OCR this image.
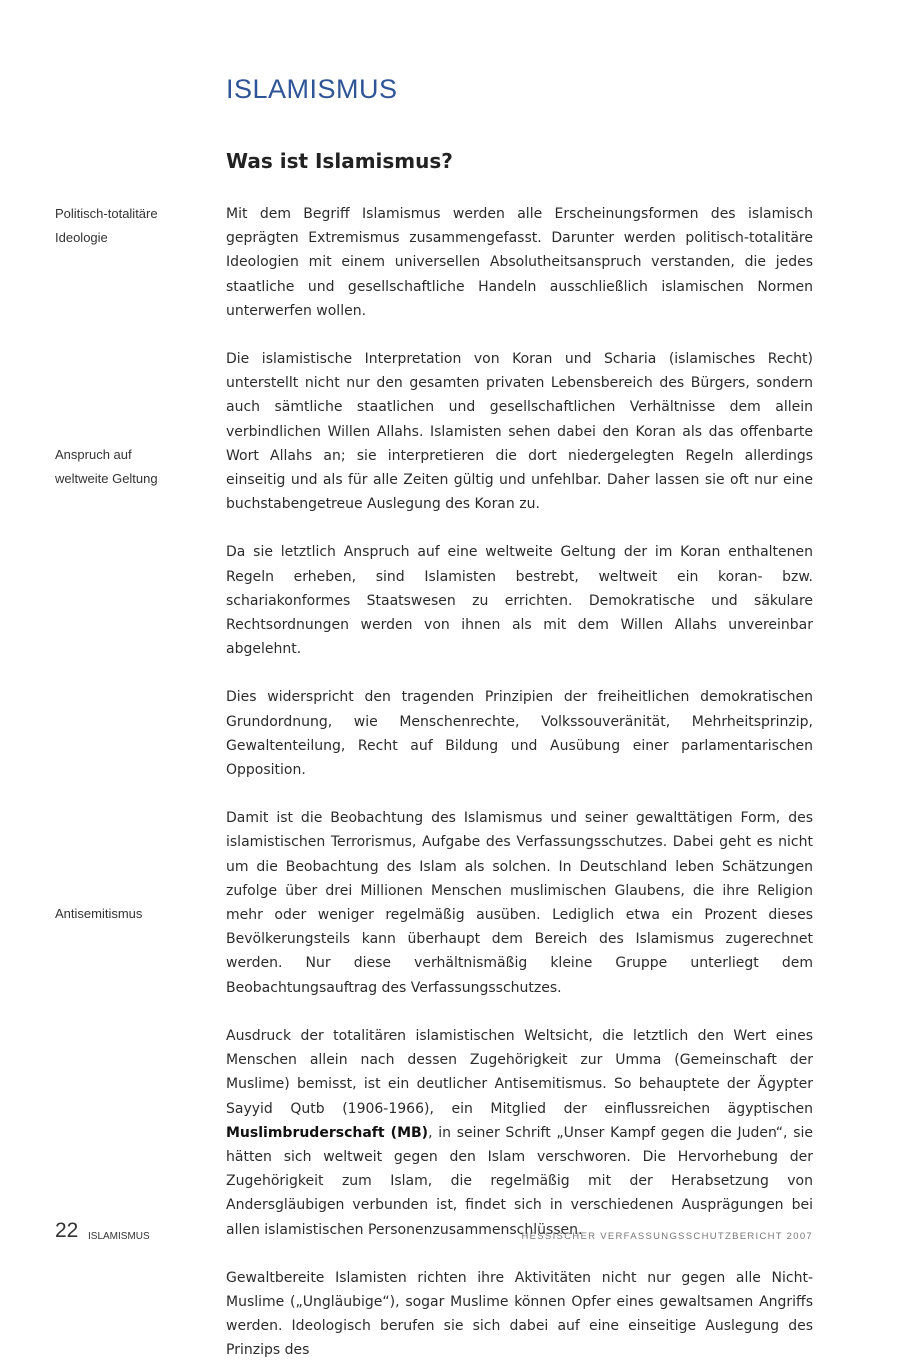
ISLAMISMUS
Was ist Islamismus?
Politisch-totalitäre Ideologie
Anspruch auf weltweite Geltung
Antisemitismus

Mit dem Begriff Islamismus werden alle Erscheinungsformen des islamisch geprägten Extremismus zusammengefasst. Darunter werden politisch-totalitäre Ideologien mit einem universellen Absolutheitsanspruch verstanden, die jedes staatliche und gesellschaftliche Handeln ausschließlich islamischen Normen unterwerfen wollen.

Die islamistische Interpretation von Koran und Scharia (islamisches Recht) unterstellt nicht nur den gesamten privaten Lebensbereich des Bürgers, sondern auch sämtliche staatlichen und gesellschaftlichen Verhältnisse dem allein verbindlichen Willen Allahs. Islamisten sehen dabei den Koran als das offenbarte Wort Allahs an; sie interpretieren die dort niedergelegten Regeln allerdings einseitig und als für alle Zeiten gültig und unfehlbar. Daher lassen sie oft nur eine buchstabengetreue Auslegung des Koran zu.

Da sie letztlich Anspruch auf eine weltweite Geltung der im Koran enthaltenen Regeln erheben, sind Islamisten bestrebt, weltweit ein koran- bzw. schariakonformes Staatswesen zu errichten. Demokratische und säkulare Rechtsordnungen werden von ihnen als mit dem Willen Allahs unvereinbar abgelehnt.

Dies widerspricht den tragenden Prinzipien der freiheitlichen demokratischen Grundordnung, wie Menschenrechte, Volkssouveränität, Mehrheitsprinzip, Gewaltenteilung, Recht auf Bildung und Ausübung einer parlamentarischen Opposition.

Damit ist die Beobachtung des Islamismus und seiner gewalttätigen Form, des islamistischen Terrorismus, Aufgabe des Verfassungsschutzes. Dabei geht es nicht um die Beobachtung des Islam als solchen. In Deutschland leben Schätzungen zufolge über drei Millionen Menschen muslimischen Glaubens, die ihre Religion mehr oder weniger regelmäßig ausüben. Lediglich etwa ein Prozent dieses Bevölkerungsteils kann überhaupt dem Bereich des Islamismus zugerechnet werden. Nur diese verhältnismäßig kleine Gruppe unterliegt dem Beobachtungsauftrag des Verfassungsschutzes.

Ausdruck der totalitären islamistischen Weltsicht, die letztlich den Wert eines Menschen allein nach dessen Zugehörigkeit zur Umma (Gemeinschaft der Muslime) bemisst, ist ein deutlicher Antisemitismus. So behauptete der Ägypter Sayyid Qutb (1906-1966), ein Mitglied der einflussreichen ägyptischen Muslimbruderschaft (MB), in seiner Schrift „Unser Kampf gegen die Juden“, sie hätten sich weltweit gegen den Islam verschworen. Die Hervorhebung der Zugehörigkeit zum Islam, die regelmäßig mit der Herabsetzung von Andersgläubigen verbunden ist, findet sich in verschiedenen Ausprägungen bei allen islamistischen Personenzusammenschlüssen.

Gewaltbereite Islamisten richten ihre Aktivitäten nicht nur gegen alle Nicht-Muslime („Ungläubige“), sogar Muslime können Opfer eines gewaltsamen Angriffs werden. Ideologisch berufen sie sich dabei auf eine einseitige Auslegung des Prinzips des

22 ISLAMISMUS	HESSISCHER VERFASSUNGSSCHUTZBERICHT 2007
